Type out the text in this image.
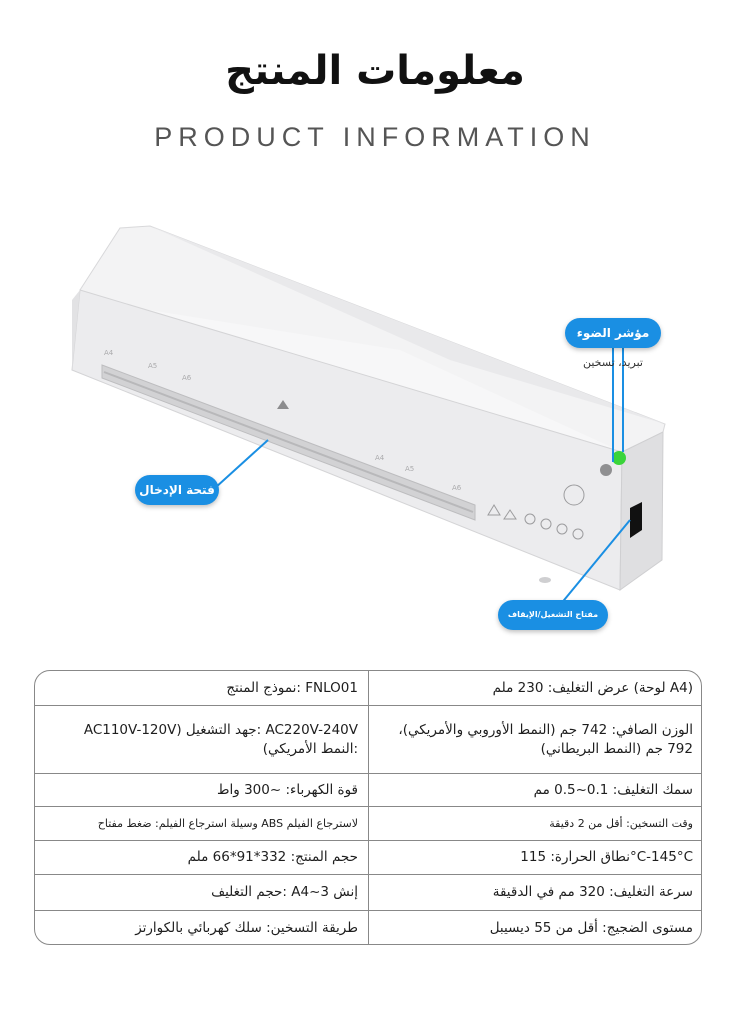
معلومات المنتج
PRODUCT INFORMATION
A4
A5
A6
A4
A5
A6
مؤشر الضوء
تبريد، تسخين
فتحة الإدخال
مفتاح التشغيل/الإيقاف
(A4 لوحة) عرض التغليف: 230 ملم
FNLO01 :نموذج المنتج
الوزن الصافي: 742 جم (النمط الأوروبي والأمريكي)، 792 جم (النمط البريطاني)
AC220V-240V :جهد التشغيل (AC110V-120V :النمط الأمريكي)
سمك التغليف: 0.1~0.5 مم
قوة الكهرباء: ~300 واط
وقت التسخين: أقل من 2 دقيقة
لاسترجاع الفيلم ABS وسيلة استرجاع الفيلم: ضغط مفتاح
C-145°C°نطاق الحرارة: 115
حجم المنتج: 332*91*66 ملم
سرعة التغليف: 320 مم في الدقيقة
إنش 3~A4 :حجم التغليف
مستوى الضجيج: أقل من 55 ديسيبل
طريقة التسخين: سلك كهربائي بالكوارتز
